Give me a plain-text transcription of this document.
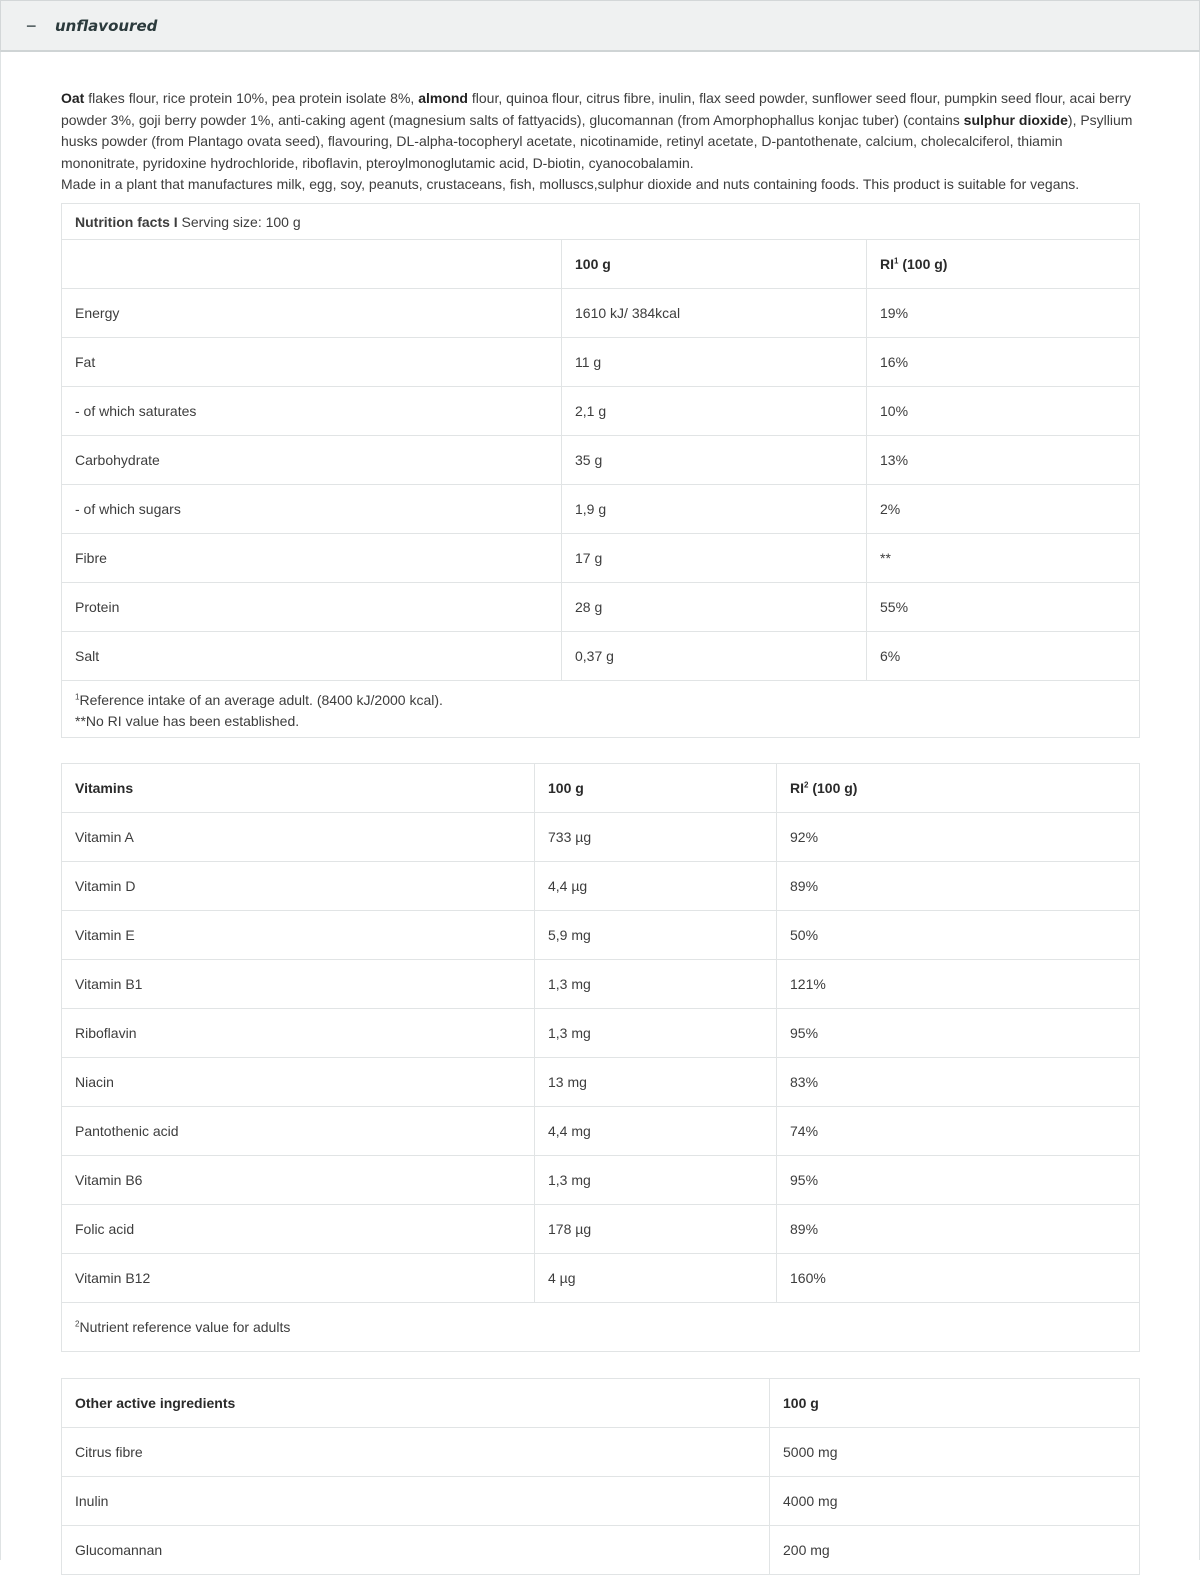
−	unflavoured

Oat flakes flour, rice protein 10%, pea protein isolate 8%, almond flour, quinoa flour, citrus fibre, inulin, flax seed powder, sunflower seed flour, pumpkin seed flour, acai berry powder 3%, goji berry powder 1%, anti-caking agent (magnesium salts of fattyacids), glucomannan (from Amorphophallus konjac tuber) (contains sulphur dioxide), Psyllium husks powder (from Plantago ovata seed), flavouring, DL-alpha-tocopheryl acetate, nicotinamide, retinyl acetate, D-pantothenate, calcium, cholecalciferol, thiamin mononitrate, pyridoxine hydrochloride, riboflavin, pteroylmonoglutamic acid, D-biotin, cyanocobalamin.

Made in a plant that manufactures milk, egg, soy, peanuts, crustaceans, fish, molluscs,sulphur dioxide and nuts containing foods. This product is suitable for vegans.

Nutrition facts I Serving size: 100 g		
	100 g	$RI^1$ (100 g)
Energy	1610 kJ/ 384kcal	19%
Fat	11 g	16%
- of which saturates	2,1 g	10%
Carbohydrate	35 g	13%
- of which sugars	1,9 g	2%
Fibre	17 g	**
Protein	28 g	55%
Salt	0,37 g	6%
$^1$Reference intake of an average adult. (8400 kJ/2000 kcal).
**No RI value has been established.		
Vitamins	100 g	$RI^2$ (100 g)
Vitamin A	733 µg	92%
Vitamin D	4,4 µg	89%
Vitamin E	5,9 mg	50%
Vitamin B1	1,3 mg	121%
Riboflavin	1,3 mg	95%
Niacin	13 mg	83%
Pantothenic acid	4,4 mg	74%
Vitamin B6	1,3 mg	95%
Folic acid	178 µg	89%
Vitamin B12	4 µg	160%
$^2$Nutrient reference value for adults		
Other active ingredients	100 g
Citrus fibre	5000 mg
Inulin	4000 mg
Glucomannan	200 mg
